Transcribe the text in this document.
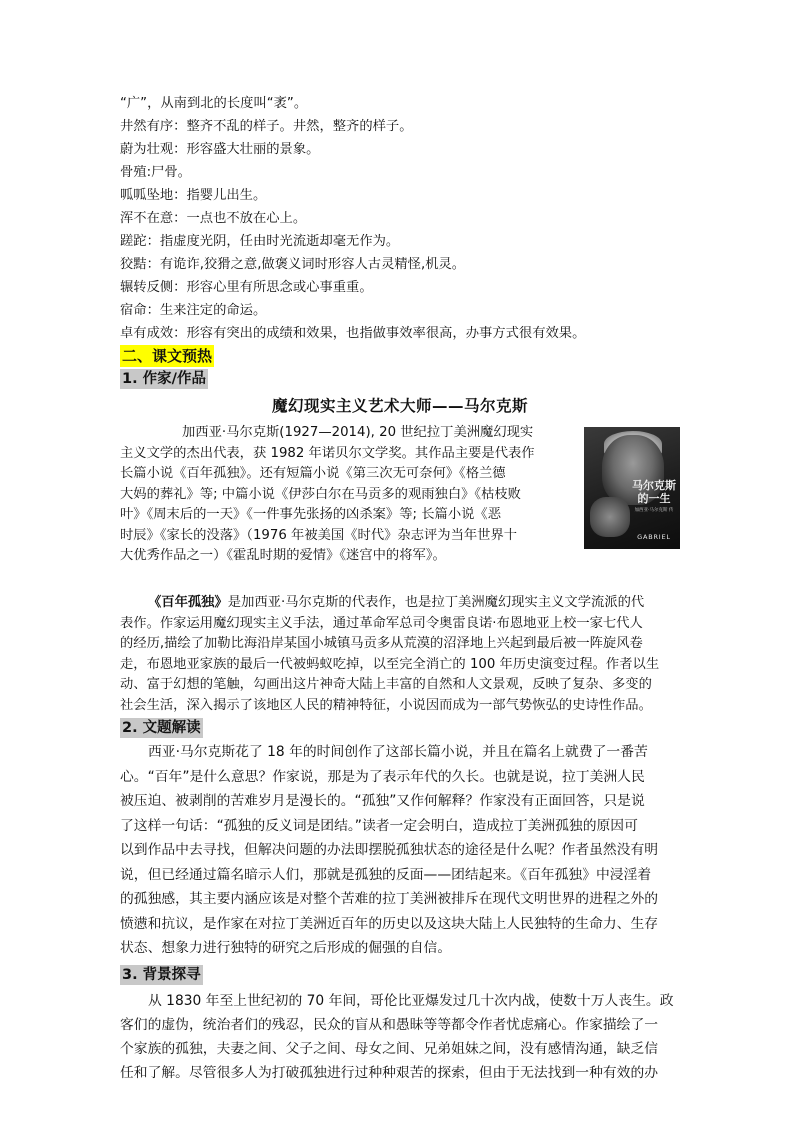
“广”，从南到北的长度叫“袤”。
井然有序：整齐不乱的样子。井然，整齐的样子。
蔚为壮观：形容盛大壮丽的景象。
骨殖:尸骨。
呱呱坠地：指婴儿出生。
浑不在意：一点也不放在心上。
蹉跎：指虚度光阴，任由时光流逝却毫无作为。
狡黠：有诡诈,狡猾之意,做褒义词时形容人古灵精怪,机灵。
辗转反侧：形容心里有所思念或心事重重。
宿命：生来注定的命运。
卓有成效：形容有突出的成绩和效果，也指做事效率很高，办事方式很有效果。
二、课文预热
1. 作家/作品
魔幻现实主义艺术大师——马尔克斯
加西亚·马尔克斯(1927—2014), 20 世纪拉丁美洲魔幻现实
主义文学的杰出代表，获 1982 年诺贝尔文学奖。其作品主要是代表作
长篇小说《百年孤独》。还有短篇小说《第三次无可奈何》《格兰德
大妈的葬礼》等; 中篇小说《伊莎白尔在马贡多的观雨独白》《枯枝败
叶》《周末后的一天》《一件事先张扬的凶杀案》等; 长篇小说《恶
时辰》《家长的没落》（1976 年被美国《时代》杂志评为当年世界十
大优秀作品之一）《霍乱时期的爱情》《迷宫中的将军》。
马尔克斯的一生
加西亚·马尔克斯 传
GABRIEL
《百年孤独》是加西亚·马尔克斯的代表作，也是拉丁美洲魔幻现实主义文学流派的代
表作。作家运用魔幻现实主义手法，通过革命军总司令奥雷良诺·布恩地亚上校一家七代人
的经历,描绘了加勒比海沿岸某国小城镇马贡多从荒漠的沼泽地上兴起到最后被一阵旋风卷
走，布恩地亚家族的最后一代被蚂蚁吃掉，以至完全消亡的 100 年历史演变过程。作者以生
动、富于幻想的笔触，勾画出这片神奇大陆上丰富的自然和人文景观，反映了复杂、多变的
社会生活，深入揭示了该地区人民的精神特征，小说因而成为一部气势恢弘的史诗性作品。
2. 文题解读
西亚·马尔克斯花了 18 年的时间创作了这部长篇小说，并且在篇名上就费了一番苦
心。“百年”是什么意思？作家说，那是为了表示年代的久长。也就是说，拉丁美洲人民
被压迫、被剥削的苦难岁月是漫长的。“孤独”又作何解释？作家没有正面回答，只是说
了这样一句话：“孤独的反义词是团结。”读者一定会明白，造成拉丁美洲孤独的原因可
以到作品中去寻找，但解决问题的办法即摆脱孤独状态的途径是什么呢？作者虽然没有明
说，但已经通过篇名暗示人们，那就是孤独的反面——团结起来。《百年孤独》中浸淫着
的孤独感，其主要内涵应该是对整个苦难的拉丁美洲被排斥在现代文明世界的进程之外的
愤懑和抗议，是作家在对拉丁美洲近百年的历史以及这块大陆上人民独特的生命力、生存
状态、想象力进行独特的研究之后形成的倔强的自信。
3. 背景探寻
从 1830 年至上世纪初的 70 年间，哥伦比亚爆发过几十次内战，使数十万人丧生。政
客们的虚伪，统治者们的残忍，民众的盲从和愚昧等等都令作者忧虑痛心。作家描绘了一
个家族的孤独，夫妻之间、父子之间、母女之间、兄弟姐妹之间，没有感情沟通，缺乏信
任和了解。尽管很多人为打破孤独进行过种种艰苦的探索，但由于无法找到一种有效的办
